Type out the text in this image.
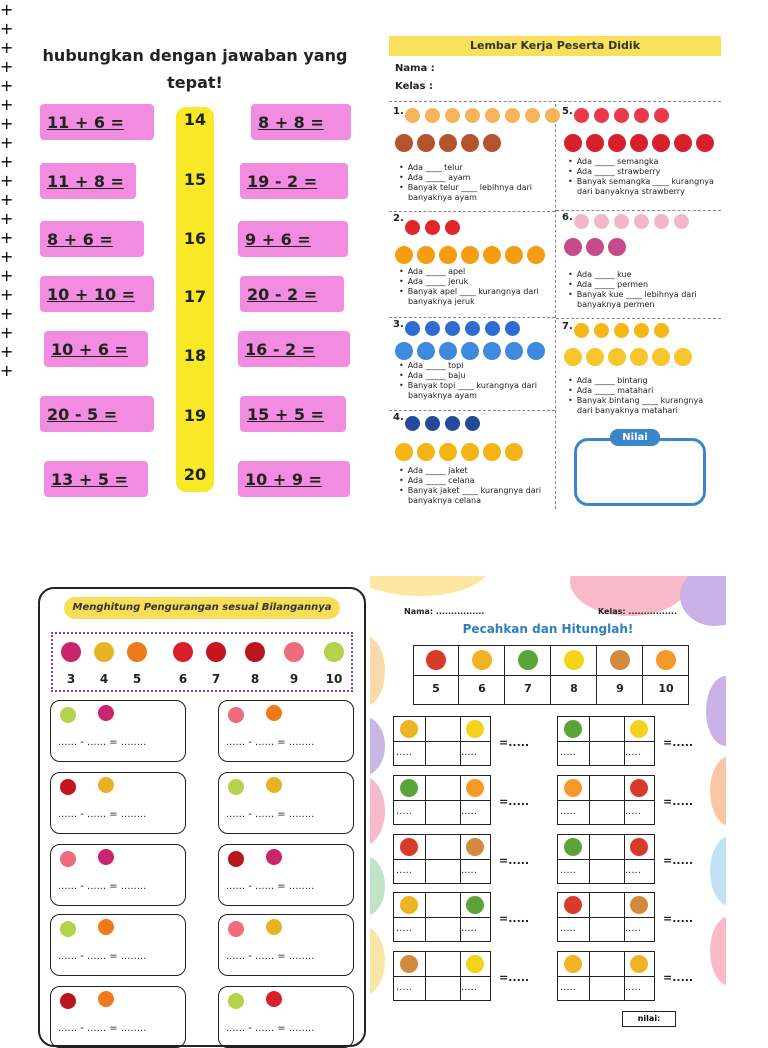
hubungkan dengan jawaban yang
tepat!
11 + 6 =
11 + 8 =
8 + 6 =
10 + 10 =
10 + 6 =
20 - 5 =
13 + 5 =
8 + 8 =
19 - 2 =
9 + 6 =
20 - 2 =
16 - 2 =
15 + 5 =
10 + 9 =
14
15
16
17
18
19
20
Lembar Kerja Peserta Didik
Nama :
Kelas :
1.
• Ada ____ telur
• Ada _____ ayam
• Banyak telur ____ lebihnya dari
banyaknya ayam
2.
• Ada _____ apel
• Ada _____ jeruk
• Banyak apel ____ kurangnya dari
banyaknya jeruk
3.
• Ada _____ topi
• Ada _____ baju
• Banyak topi ____ kurangnya dari
banyaknya ayam
4.
• Ada _____ jaket
• Ada _____ celana
• Banyak jaket ____ kurangnya dari
banyaknya celana
5.
• Ada _____ semangka
• Ada _____ strawberry
• Banyak semangka ____ kurangnya
dari banyaknya strawberry
6.
• Ada _____ kue
• Ada _____ permen
• Banyak kue ____ lebihnya dari
banyaknya permen
7.
• Ada _____ bintang
• Ada _____ matahari
• Banyak bintang ____ kurangnya
dari banyaknya matahari
Nilai
Menghitung Pengurangan sesuai Bilangannya
3	4	5	6	7	8	9	10
...... - ...... = ........	...... - ...... = ........
...... - ...... = ........	...... - ...... = ........
...... - ...... = ........	...... - ...... = ........
...... - ...... = ........	...... - ...... = ........
...... - ...... = ........	...... - ...... = ........
Nama: ................	Kelas: ................
Pecahkan dan Hitunglah!
5	6	7	8	9	10
+
+
.....	.....
=.....
+
+
.....	.....
=.....
+
+
.....	.....
=.....
+
+
.....	.....
=.....
+
+
.....	.....
=.....
+
+
.....	.....
=.....
+
+
.....	.....
=.....
+
+
.....	.....
=.....
+
+
.....	.....
=.....
+
+
.....	.....
=.....
nilai:
